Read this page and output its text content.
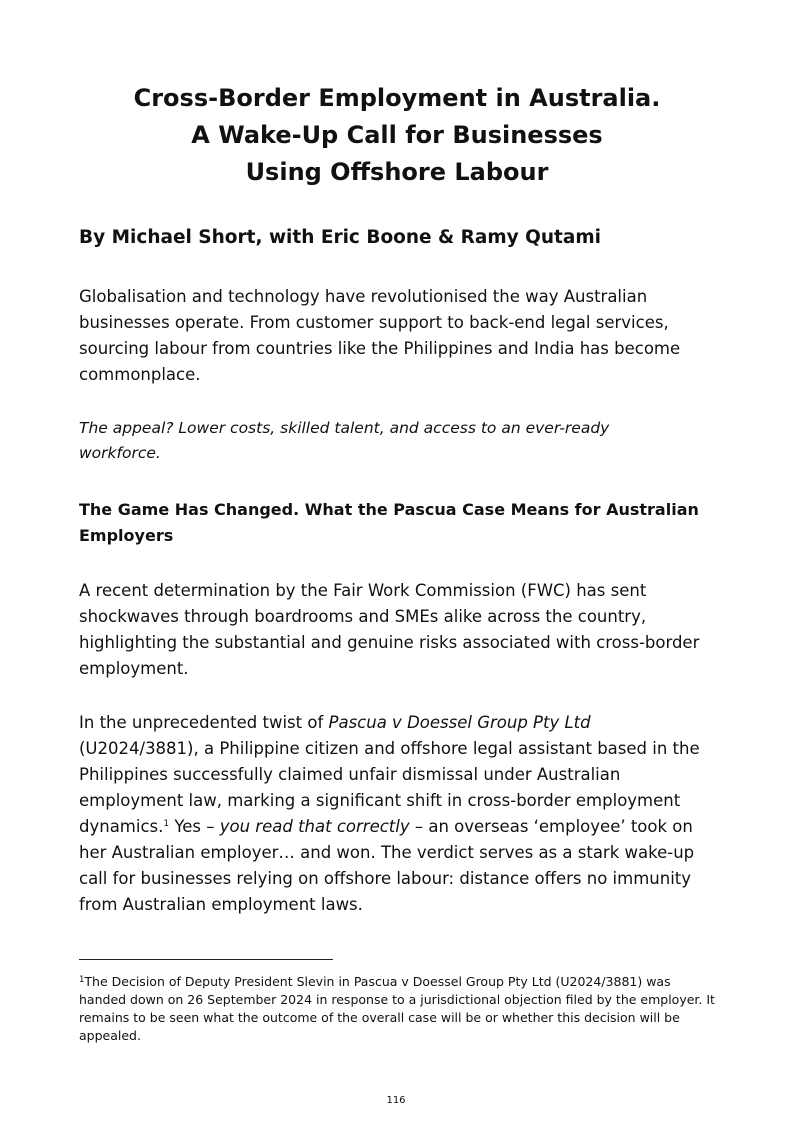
Cross-Border Employment in Australia.
A Wake-Up Call for Businesses
Using Offshore Labour
By Michael Short, with Eric Boone & Ramy Qutami

Globalisation and technology have revolutionised the way Australian businesses operate. From customer support to back-end legal services, sourcing labour from countries like the Philippines and India has become commonplace.

The appeal? Lower costs, skilled talent, and access to an ever-ready workforce.

The Game Has Changed. What the Pascua Case Means for Australian Employers

A recent determination by the Fair Work Commission (FWC) has sent shockwaves through boardrooms and SMEs alike across the country, highlighting the substantial and genuine risks associated with cross-border employment.

In the unprecedented twist of Pascua v Doessel Group Pty Ltd (U2024/3881), a Philippine citizen and offshore legal assistant based in the Philippines successfully claimed unfair dismissal under Australian employment law, marking a significant shift in cross-border employment dynamics.$^1$ Yes – you read that correctly – an overseas ‘employee’ took on her Australian employer… and won. The verdict serves as a stark wake-up call for businesses relying on offshore labour: distance offers no immunity from Australian employment laws.

$^1$The Decision of Deputy President Slevin in Pascua v Doessel Group Pty Ltd (U2024/3881) was handed down on 26 September 2024 in response to a jurisdictional objection filed by the employer. It remains to be seen what the outcome of the overall case will be or whether this decision will be appealed.

116
